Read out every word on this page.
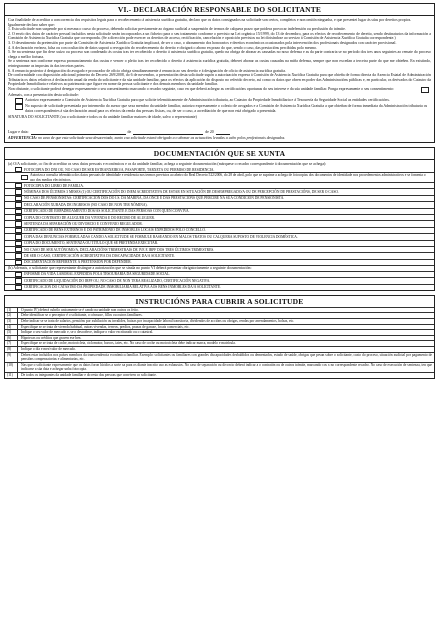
VI.- DECLARACIÓN RESPONSABLE DO SOLICITANTE

Coa finalidade de acreditar a concorrencia dos requisitos legais para o recoñecemento á asistencia xurídica gratuíta, declaro que os datos consignados na solicitude son certos, completos e non omitín ningunha, e que presentei lugar ás súas por dereitos propios.

Igualmente declaro saber que:

1. Esta solicitude non suspende por si mesma o curso do proceso, debendo solicitar previamente ao órgano xudicial a suspensión de termos de calquera prazo que poidera provocar indefensión ou preclusión do trámite.

2. O envío dos datos de carácter persoal incluídos nesta solicitude serán incorporados a un ficheiro para o seu tratamento conforme o previsto na Lei orgánica 15/1999, do 13 de decembro, para os efectos de recoñecemento de dereito, sendo destinatarios da información a Comisión de Asistencia Xurídica Gratuíta que corresponda. (Se a dirección pode exercer os dereitos de acceso, rectificación, cancelación e oposición previstos na lei dirixíndose ao servizo á Comisión de Asistencia Xurídica Gratuíta correspondente.)

3. O desestimento da pretensión por parte da Comisión de Asistencia Xurídica Gratuíta implicará, de ser o caso, o abonamento dos honorarios e dereitos económicos ocasionados pola intervención dos profesionais designados con carácter provisional.

4. A declaración errónea, falsa ou con ocultación de datos suporá a revogación do recoñecemento do dereito e obrigará o abono en prazo do que, sendo o caso, das prestacións percibidas polo mesmo.

5. Se na sentenza que fin dese xuízo ou proceso son condenado ás costas tras ter recoñecido o dereito á asistencia xurídica gratuíta, quedo na obriga de abonar as causadas no noso defensa e as da parte contraria se no período dos tres anos seguintes ao remate do proceso chega a mellor fortuna.

Se a sentenza non conforme expresa pronunciamento das custas e vencer o pleito tras ter recoñecido o dereito á asistencia xurídica gratuíta, deberei abonar as custas causadas na miña defensa, sempre que non excedan a terceira parte do que me obteñen. En existindo, reintegraranse as impostas ás das terceiras partes.

6. A renuncia posterior á designación do avogado e procurador de oficio obriga simultaneamente á renuncia ao seu dereito e á designación de oficio de asistencia xurídica gratuíta.

De conformidade coa disposición adicional primeira do Decreto 269/2008, do 6 de novembro, a presentación desta solicitude supón a autorización expresa á Comisión de Asistencia Xurídica Gratuíta para que obteña de forma directa da Axencia Estatal de Administración Tributaria os datos relativos á declaración anual da renda do solicitante e da súa unidade familiar, para os efectos da aplicación do disposto no referido decreto, así como os datos que obren en poder das Administracións públicas e, en particular, os derivados do Catastro da Propiedade Inmobiliaria e relativos ao patrimonio que figure en nome da persoa solicitante e dos demais membros da unidade familiar.

Non obstante, o solicitante poderá denegar expresamente o seu consentimento marcando o recadro seguinte, caso en que deberá achegar as certificacións oportunas do seu interese e da súa unidade familiar. Ponga expresamente o seu consentimento:

Ademais, con a presentación desta solicitude:

Autorizo expresamente a Comisión de Asistencia Xurídica Gratuíta para que solicite telemáticamente de Administración tributaria, ao Catastro da Propiedade Inmobiliaria e á Tesourería da Seguridade Social as entidades certificacións.
No suposto de solicitude presentada por intermedio do asesor que sexa membro da unidade familiar, autorizo expresamente o colexio de avogados e a Comisión de Asistencia Xurídica Gratuíta a que obteñan de forma inmediata da Administración tributaria os datos correspondentes á súa declaración anual para os efectos da renda das persoas físicas, ou, de ser o caso, a acreditación de que non está obrigado a presentala.

SINATURA DO SOLICITANTE (ou o solicitante e todos os da unidade familiar maiores de idade, salvo o representante)

Lugar e data:	de	de 20
ADVERTENCIA: no caso de que esta solicitude sexa desacertada, xunto coa solicitude estará obrigado a o abonar as actuacións levadas a cabo polos profesionais designados.
DOCUMENTACIÓN QUE SE XUNTA

(a) O/A solicitante, co fin de acreditar os seus datos persoais e económicos e os da unidade familiar, achega a seguinte documentación (márquese o recadro correspondente á documentación que se achega):

FOTOCOPIA DO DNI OU, NO CASO DE SER ESTRANXEIRO/A, PASAPORTE, TARXETA OU PERMISO DE RESIDENCIA.
Autoriza a consulta telemática dos datos persoais de identidade e residencia nos termos previstos ao abeiro do Real Decreto 522/2006, do 28 de abril, polo que se suprime a achega de fotocopias dos documentos de identidade nos procedementos administrativos e se fomenta o uso dos medios electrónicos.
FOTOCOPIA DO LIBRO DE FAMILIA.
NÓMINAS DOS ÚLTIMOS 3 MESES (1) OU CERTIFICACIÓN DO INEM ACREDITATIVA DE ESTAR EN SITUACIÓN DE DESEMPREGADO/A OU DE PERCEPCIÓN DE PRESTACIÓNS, DE SER O CASO.
NO CASO DE PENSIONISTAS: CERTIFICACIÓN DOS DO I.S. DA MARIÑA, DA ONCE E DAS PRESTACIÓNS QUE PERCIBE NA SÚA CONDICIÓN DE PENSIONISTA.
DECLARACIÓN XURADA DE INGRESOS (NO CASO DE NON TER NÓMINA).
CERTIFICADO DE EMPADROAMENTO DOS/AS SOLICITANTE E DAS PERSOAS CON QUEN CONVIVA.
COPIA DO CONTRATO DE ALUGUER DA VIVENDA E DO RECIBO DE ALUGUER.
SENTENZA DA SEPARACIÓN OU DIVORCIO E CONVENIO REGULADOR.
CERTIFICADO DE BENS EXTERNOS E DO PATRIMONIO DE INMOBLES LOCAIS EXPEDIDOS POLO CONCELLO.
COPIA DAS DENUNCIAS FORMULADAS CANDO A SOLICITUDE SE FORMULE BASEANDO EN MALOS TRATOS OU CALQUERA SUPOSTO DE VIOLENCIA DOMÉSTICA.
COPIA DO DOCUMENTO, SENTENZA OU TÍTULO QUE SE PRETENDA EXECUTAR.
NO CASO DE SER AUTÓNOMO/A, DECLARACIÓNS TRIMESTRAIS DE IVE E IRPF DOS TRES ÚLTIMOS TRIMESTRES.
DE SER O CASO, CERTIFICACIÓN ACREDITATIVA DA DISCAPACIDADE DA/A SOLICITANTE.
DOCUMENTACIÓN REFERENTE Á PRETENSIÓN POR DEFENDER.

(b) Ademais, o solicitante que representante distingue a autorización que se sinala no punto VI deberá presentar obrigatoriamente a seguinte documentación:

INFORME DA VIDA LABORAL EXPEDIDA POLA TESOURARÍA DA SEGURIDADE SOCIAL.
CERTIFICADO DE LIQUIDACIÓN DO IRPF OU, NO CASO DE NON TERA REALIZADO, CERTIFICACIÓN NEGATIVA.
CERTIFICACIÓN DO CATASTRO DA PROPIEDADE INMOBILIARIA RELATIVA AOS BENS INMOBLES DA/A SOLICITANTE.
INSTRUCIÓNS PARA CUBRIR A SOLICITUDE
(1)	O punto IV) deberá cubrilo unicamente se é cando na unidade non outros os feito.
(2)	Debe identificar se o perceptor é o solicitante, o cónxuxe, fillos ou outros familiares.
(3)	Debe indicar se se trata de salarios, pensións por xubilación ou invalidez, baixas por incapacidade laboral transitoria, dividendos de accións ou obrigas, rendas por arrendamentos, bolsas, etc.
(4)	Especifique se se trata de vivenda habitual, outras vivendas, terreos, predios, prazas de garaxe, locais comerciais, etc.
(5)	Indique o seu valor de mercado e, se o descoñece, indique o valor escriturado ou o catastral.
(6)	Hipotecas ou créditos que graven ese ben.
(7)	Especifique se se trata de coche, motocicleta, ciclomotor, barcos, iates, etc. No caso de coche ou motocicleta debe indicar marca, modelo e matrícula.
(8)	Indique o día e mes/valor de mercado.
(9)	Deben estar incluídos nos países membros da transcendencia económica familiar. Exemplo: solicitantes ou familiares con grandes discapacidades desbaldidos ou dementados, estado de saúde, obrigas que pesan sobre o solicitante, custo do proceso, situación xudicial por pagamento de pensións compensatorias e alimentarias, etc.
(10)	Nas que o solicitante expresamente que os datos foron lúcidos a sorte xa para os diante inscrito uso as exhaustos. No caso de separación ou divorcio deberá indicar a o contratón ou de outros trámite, marcando cos x no correspondente recadro. No caso de execución de sentenza, ten que indicarse a súa data e achegar unha fotocopia.
(11)	De todos os integrantes da unidade familiar e do resto das persoas que conviven co solicitante.
